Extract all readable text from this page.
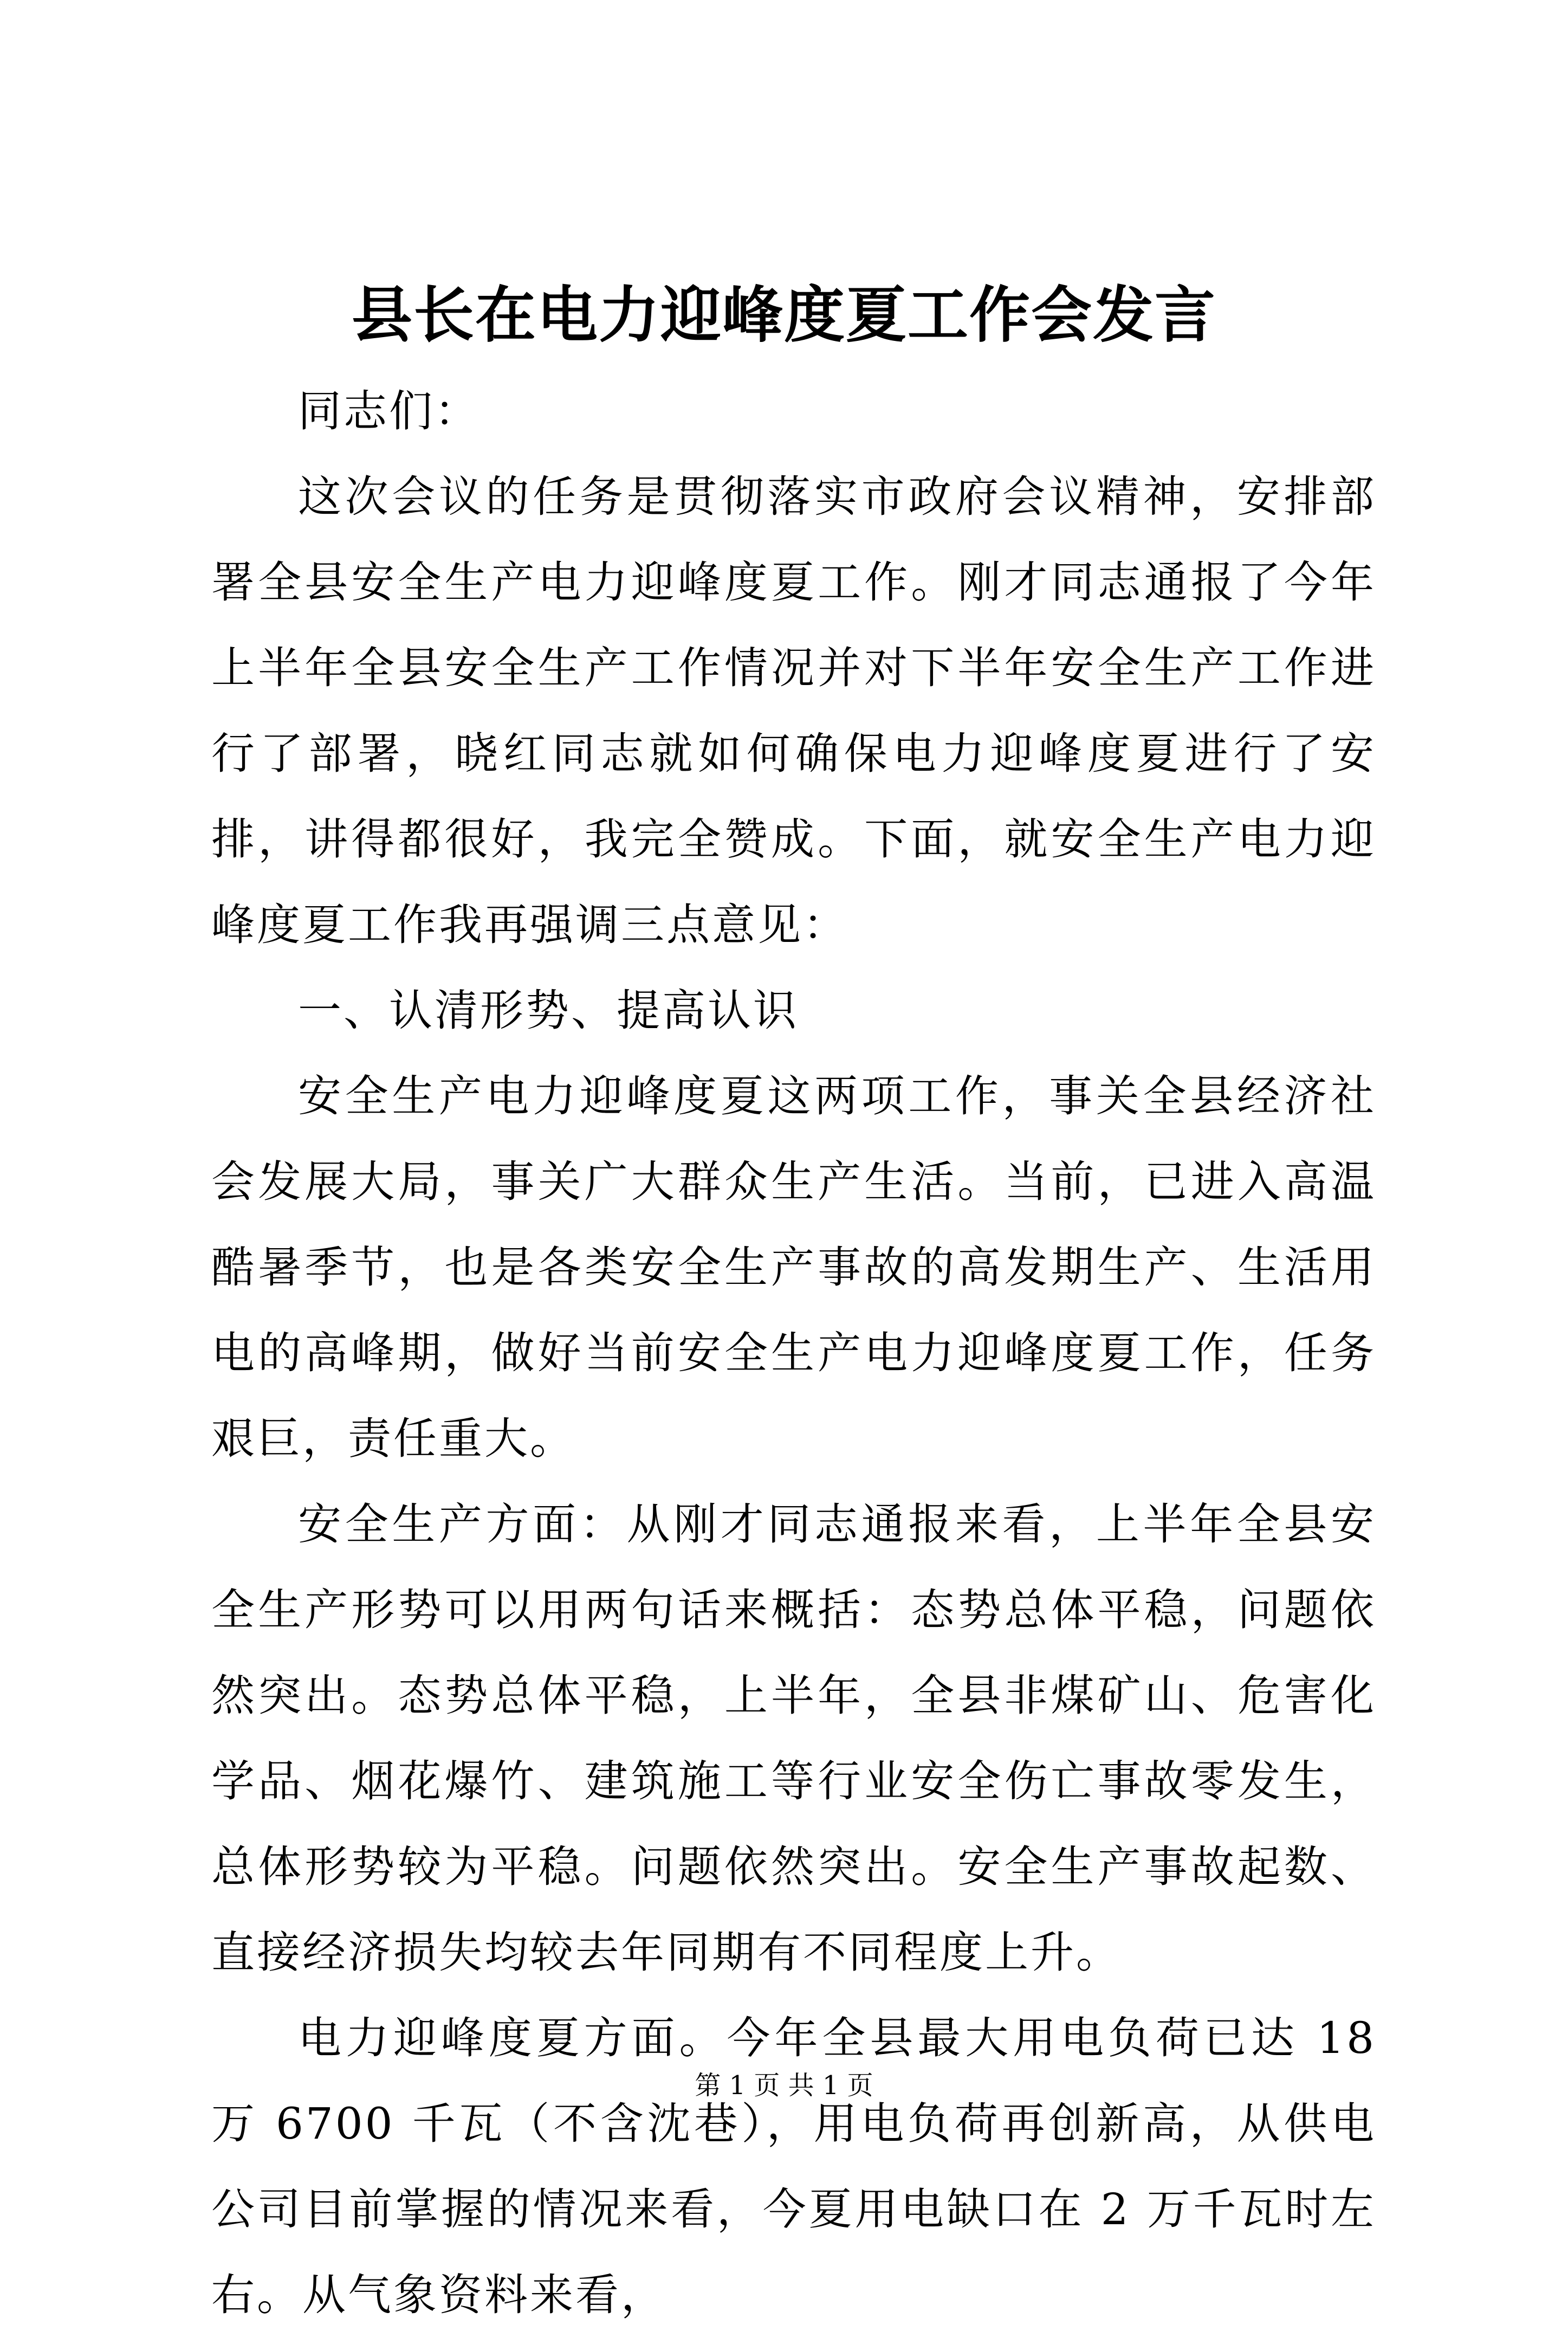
县长在电力迎峰度夏工作会发言

同志们：

这次会议的任务是贯彻落实市政府会议精神，安排部署全县安全生产电力迎峰度夏工作。刚才同志通报了今年上半年全县安全生产工作情况并对下半年安全生产工作进行了部署，晓红同志就如何确保电力迎峰度夏进行了安排，讲得都很好，我完全赞成。下面，就安全生产电力迎峰度夏工作我再强调三点意见：

一、认清形势、提高认识

安全生产电力迎峰度夏这两项工作，事关全县经济社会发展大局，事关广大群众生产生活。当前，已进入高温酷暑季节，也是各类安全生产事故的高发期生产、生活用电的高峰期，做好当前安全生产电力迎峰度夏工作，任务艰巨，责任重大。

安全生产方面：从刚才同志通报来看，上半年全县安全生产形势可以用两句话来概括：态势总体平稳，问题依然突出。态势总体平稳，上半年，全县非煤矿山、危害化学品、烟花爆竹、建筑施工等行业安全伤亡事故零发生，总体形势较为平稳。问题依然突出。安全生产事故起数、直接经济损失均较去年同期有不同程度上升。

电力迎峰度夏方面。今年全县最大用电负荷已达 18 万 6700 千瓦（不含沈巷），用电负荷再创新高，从供电公司目前掌握的情况来看，今夏用电缺口在 2 万千瓦时左右。从气象资料来看，

第 1 页 共 1 页
